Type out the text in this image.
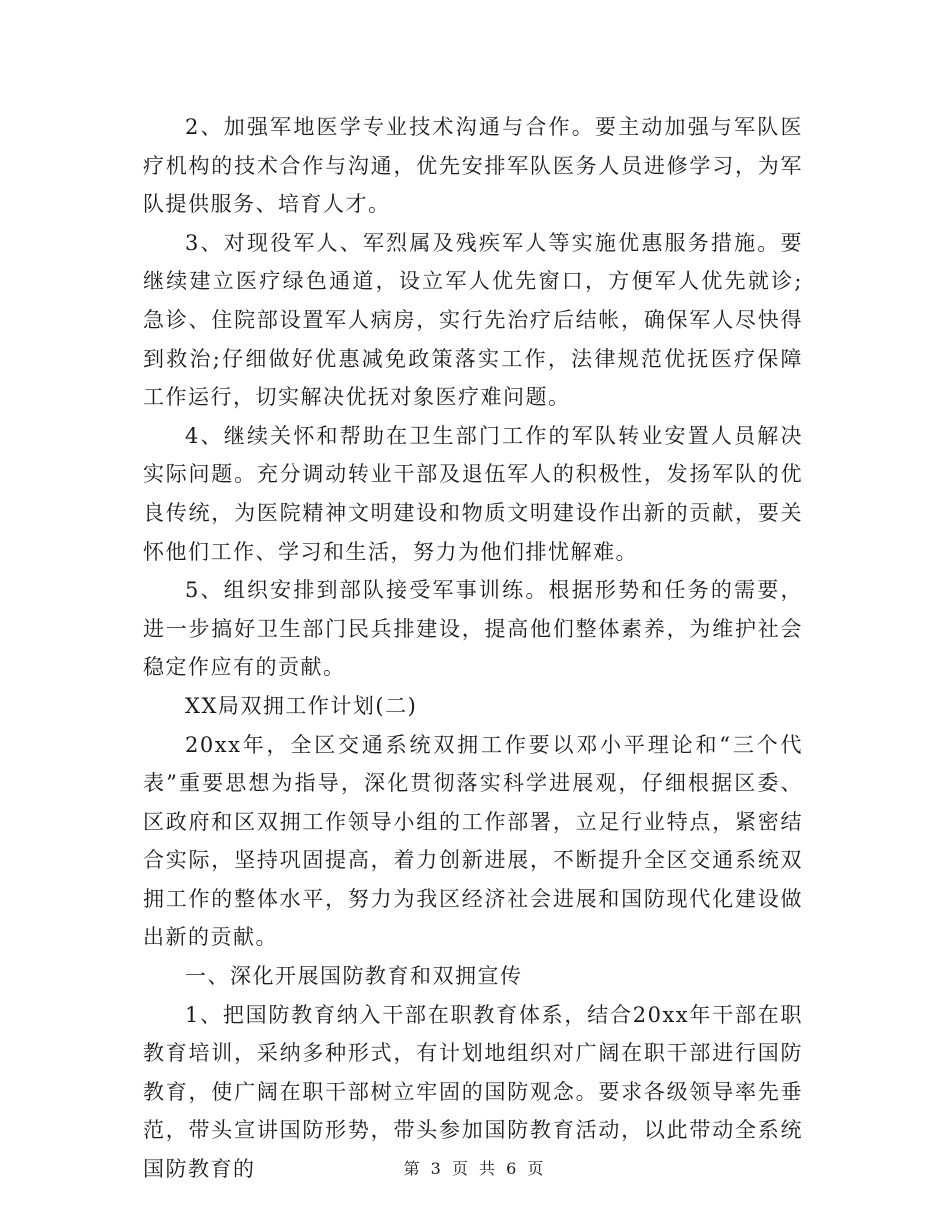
2、加强军地医学专业技术沟通与合作。要主动加强与军队医疗机构的技术合作与沟通，优先安排军队医务人员进修学习，为军队提供服务、培育人才。

3、对现役军人、军烈属及残疾军人等实施优惠服务措施。要继续建立医疗绿色通道，设立军人优先窗口，方便军人优先就诊;急诊、住院部设置军人病房，实行先治疗后结帐，确保军人尽快得到救治;仔细做好优惠减免政策落实工作，法律规范优抚医疗保障工作运行，切实解决优抚对象医疗难问题。

4、继续关怀和帮助在卫生部门工作的军队转业安置人员解决实际问题。充分调动转业干部及退伍军人的积极性，发扬军队的优良传统，为医院精神文明建设和物质文明建设作出新的贡献，要关怀他们工作、学习和生活，努力为他们排忧解难。

5、组织安排到部队接受军事训练。根据形势和任务的需要，进一步搞好卫生部门民兵排建设，提高他们整体素养，为维护社会稳定作应有的贡献。

XX局双拥工作计划(二)

20xx年，全区交通系统双拥工作要以邓小平理论和“三个代表”重要思想为指导，深化贯彻落实科学进展观，仔细根据区委、区政府和区双拥工作领导小组的工作部署，立足行业特点，紧密结合实际，坚持巩固提高，着力创新进展，不断提升全区交通系统双拥工作的整体水平，努力为我区经济社会进展和国防现代化建设做出新的贡献。

一、深化开展国防教育和双拥宣传

1、把国防教育纳入干部在职教育体系，结合20xx年干部在职教育培训，采纳多种形式，有计划地组织对广阔在职干部进行国防教育，使广阔在职干部树立牢固的国防观念。要求各级领导率先垂范，带头宣讲国防形势，带头参加国防教育活动，以此带动全系统国防教育的	第 3 页 共 6 页
